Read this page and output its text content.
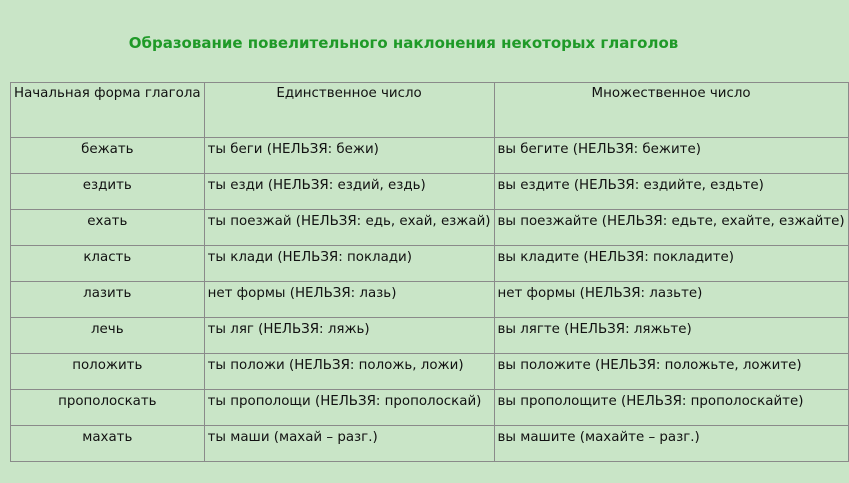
Образование повелительного наклонения некоторых глаголов
Начальная форма глагола	Единственное число	Множественное число
бежать	ты беги (НЕЛЬЗЯ: бежи)	вы бегите (НЕЛЬЗЯ: бежите)
ездить	ты езди (НЕЛЬЗЯ: ездий, ездь)	вы ездите (НЕЛЬЗЯ: ездийте, ездьте)
ехать	ты поезжай (НЕЛЬЗЯ: едь, ехай, езжай)	вы поезжайте (НЕЛЬЗЯ: едьте, ехайте, езжайте)
класть	ты клади (НЕЛЬЗЯ: поклади)	вы кладите (НЕЛЬЗЯ: покладите)
лазить	нет формы (НЕЛЬЗЯ: лазь)	нет формы (НЕЛЬЗЯ: лазьте)
лечь	ты ляг (НЕЛЬЗЯ: ляжь)	вы лягте (НЕЛЬЗЯ: ляжьте)
положить	ты положи (НЕЛЬЗЯ: положь, ложи)	вы положите (НЕЛЬЗЯ: положьте, ложите)
прополоскать	ты прополощи (НЕЛЬЗЯ: прополоскай)	вы прополощите (НЕЛЬЗЯ: прополоскайте)
махать	ты маши (махай – разг.)	вы машите (махайте – разг.)
